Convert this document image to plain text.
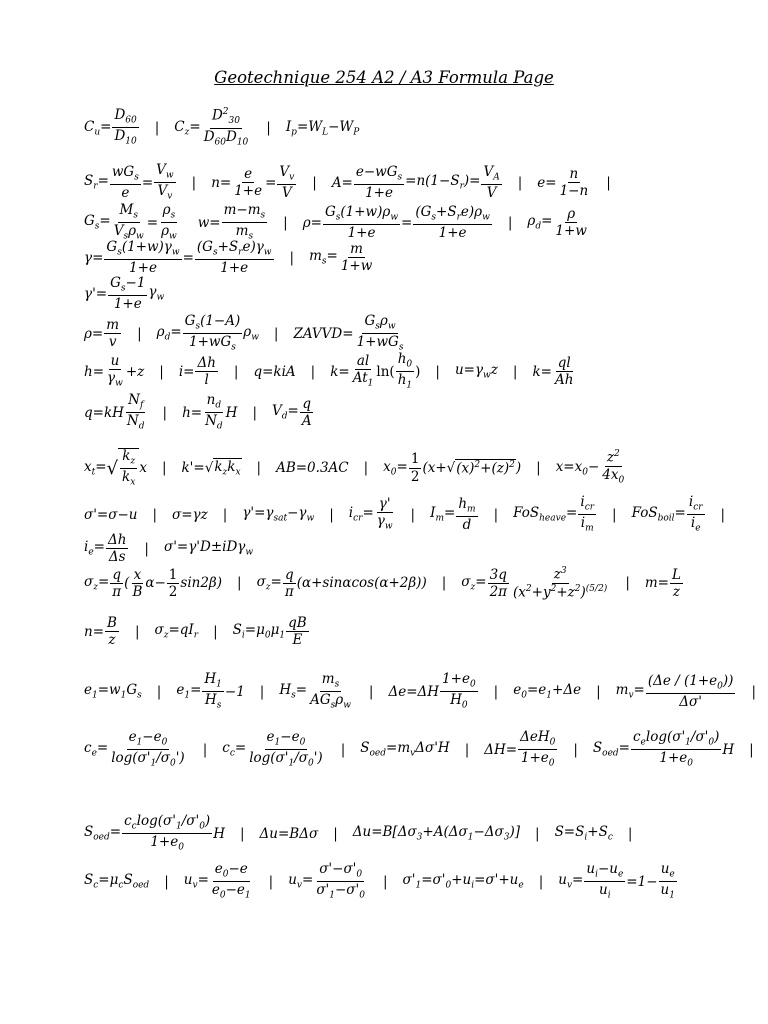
Geotechnique 254 A2 / A3 Formula Page
$C_u= \frac{D_{60}}{D_{10}}$ | $C_z= \frac{D^2_{30}}{D_{60}D_{10}}$ | $I_p=W_L-W_P$
$S_r=$
$wG_s$
e
= $\frac{V_w}{V_v}$ | $n= \frac{e}{1+e} = \frac{V_v}{V}$ | A=
$e-wG_s$
1+e
$=n(1-S_r)= \frac{V_A}{V}$ | $e= \frac{n}{1-n}$ |
$G_s=$
$M_s$
$V_s\rho_w$
= $\frac{\rho_s}{\rho_w} w= \frac{m-m_s}{m_s}$ | $\rho= \frac{G_s(1+w)\rho_w}{1+e}$ =
$(G_s+S_re)\rho_w$
1+e
| $\rho_d= \frac{\rho}{1+w}$
$\gamma= \frac{G_s(1+w)\gamma_w}{1+e}$ =
$(G_s+S_re)\gamma_w$
1+e
| $m_s= \frac{m}{1+w}$
$\gamma'= \frac{G_s-1}{1+e} \gamma_w$
$\rho= \frac{m}{v}$ | $\rho_d=$
$G_s(1-A)$
$1+wG_s$
$\rho_w$ | ZAVVD=
$G_s\rho_w$
$1+wG_s$
$h= \frac{u}{\gamma_w} +z$ | $i= \frac{\Delta h}{l}$ | q=kiA | $k= \frac{al}{At_1} \ln$(
$h_0$
$h_1$
) | $u=\gamma_wz$ | $k= \frac{ql}{Ah}$
q=kH
$N_f$
$N_d$
| $h= \frac{n_d}{N_d}$ H | $V_d= \frac{q}{A}$
$x_t=$ √ $\frac{k_z}{k_x}$ x | k'= √ $k_zk_x$ | AB=0.3AC | $x_0= \frac{1}{2} (x+$ √ $(x)^2+(z)^2$ ) | $x=x_0- \frac{z^2}{4x_0}$
σ'=σ−u | σ=γz | $\gamma'=\gamma_{sat}-\gamma_w$ | $i_{cr}= \frac{\gamma'}{\gamma_w}$ | $I_m= \frac{h_m}{d}$ | FoS$_{heave}$=
$i_{cr}$
$i_m$
| FoS$_{boil}$=
$i_{cr}$
$i_e$
|
$i_e= \frac{\Delta h}{\Delta s}$ | σ'=γ'D±iDγ$_w$
$\sigma_z= \frac{q}{\pi}$ (
x
B
$\alpha- \frac{1}{2} \sin 2\beta$) | $\sigma_z= \frac{q}{\pi} (\alpha+\sin\alpha\cos(\alpha+2\beta))$ | $\sigma_z= \frac{3q}{2\pi}$	$z^3$
$(x^2+y^2+z^2)^{(5/2)}$ | $m= \frac{L}{z}$
$n= \frac{B}{z}$ | $\sigma_z=qI_r$ | $S_i=\mu_0\mu_1$
qB
E
$e_1=w_1G_s$ | $e_1= \frac{H_1}{H_s} -1$ | $H_s=$
$m_s$
$AG_s\rho_w$
| Δe=ΔH
$1+e_0$
$H_0$
| $e_0=e_1+\Delta e$ | $m_v= \frac{(\Delta e / (1+e_0))}{\Delta\sigma'}$ |
$c_e= \frac{e_1-e_0}{\log(\sigma'_1/\sigma_0')}$ | $c_c= \frac{e_1-e_0}{\log(\sigma'_1/\sigma_0')}$ | $S_{oed}=m_v\Delta\sigma'H$ | ΔH=
ΔeH$_0$
$1+e_0$
| $S_{oed}= \frac{c_e\log(\sigma'_1/\sigma'_0)}{1+e_0}$ H |
$S_{oed}= \frac{c_c\log(\sigma'_1/\sigma'_0)}{1+e_0}$ H | Δu=BΔσ | $\Delta u=B[\Delta\sigma_3+A(\Delta\sigma_1-\Delta\sigma_3)]$ | $S=S_i+S_c$ |
$S_c=\mu_cS_{oed}$ | $u_v= \frac{e_0-e}{e_0-e_1}$ | $u_v= \frac{\sigma'-\sigma'_0}{\sigma'_1-\sigma'_0}$ | $\sigma'_1=\sigma'_0+u_i=\sigma'+u_e$ | $u_v= \frac{u_i-u_e}{u_i} =1- \frac{u_e}{u_1}$
